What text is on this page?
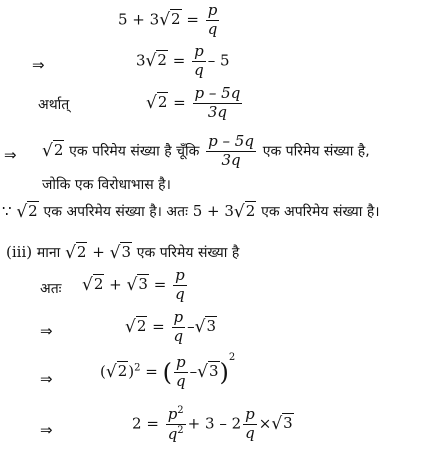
$5 + 3√2 = \frac{p}{q}$
⇒	$3√2 = \frac{p}{q} - 5$
अर्थात्	$√2 = \frac{p - 5q}{3q}$
⇒ √2 एक परिमेय संख्या है चूँकि $\frac{p - 5q}{3q}$ एक परिमेय संख्या है,
जोकि एक विरोधाभास है।
∵ √2 एक अपरिमेय संख्या है। अतः 5 + 3√2 एक अपरिमेय संख्या है।
(iii) माना √2 + √3 एक परिमेय संख्या है
अतः $√2 + √3 = \frac{p}{q}$
⇒	$√2 = \frac{p}{q} -√3$
⇒	$(√2)^2$ = ( $\frac{p}{q} -√3)^2$
⇒	$2 = \frac{p^2}{q^2} + 3 - 2 \frac{p}{q} \times√3$
